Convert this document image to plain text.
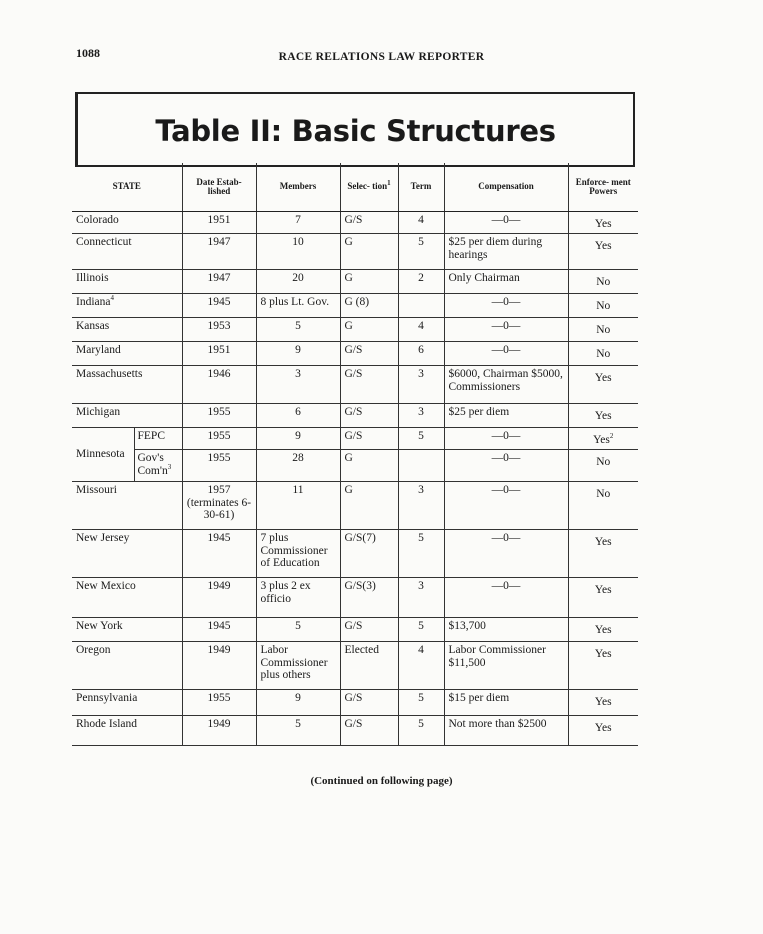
1088	RACE RELATIONS LAW REPORTER
Table II: Basic Structures
STATE		Date Estab- lished	Members	Selec- tion$^1$	Term	Compensation	Enforce- ment Powers
Colorado		1951	7	G/S	4	—0—	Yes
Connecticut		1947	10	G	5	$25 per diem during hearings	Yes
Illinois		1947	20	G	2	Only Chairman	No
Indiana$^4$		1945	8 plus Lt. Gov.	G (8)		—0—	No
Kansas		1953	5	G	4	—0—	No
Maryland		1951	9	G/S	6	—0—	No
Massachusetts		1946	3	G/S	3	$6000, Chairman $5000, Commissioners	Yes
Michigan		1955	6	G/S	3	$25 per diem	Yes
Minnesota	FEPC	1955	9	G/S	5	—0—	Yes$^2$
	Gov's $Com'n^3$	1955	28	G		—0—	No
Missouri		1957 (terminates 6-30-61)	11	G	3	—0—	No
New Jersey		1945	7 plus Commissioner of Education	G/S(7)	5	—0—	Yes
New Mexico		1949	3 plus 2 ex officio	G/S(3)	3	—0—	Yes
New York		1945	5	G/S	5	$13,700	Yes
Oregon		1949	Labor Commissioner plus others	Elected	4	Labor Commissioner $11,500	Yes
Pennsylvania		1955	9	G/S	5	$15 per diem	Yes
Rhode Island		1949	5	G/S	5	Not more than $2500	Yes
(Continued on following page)
